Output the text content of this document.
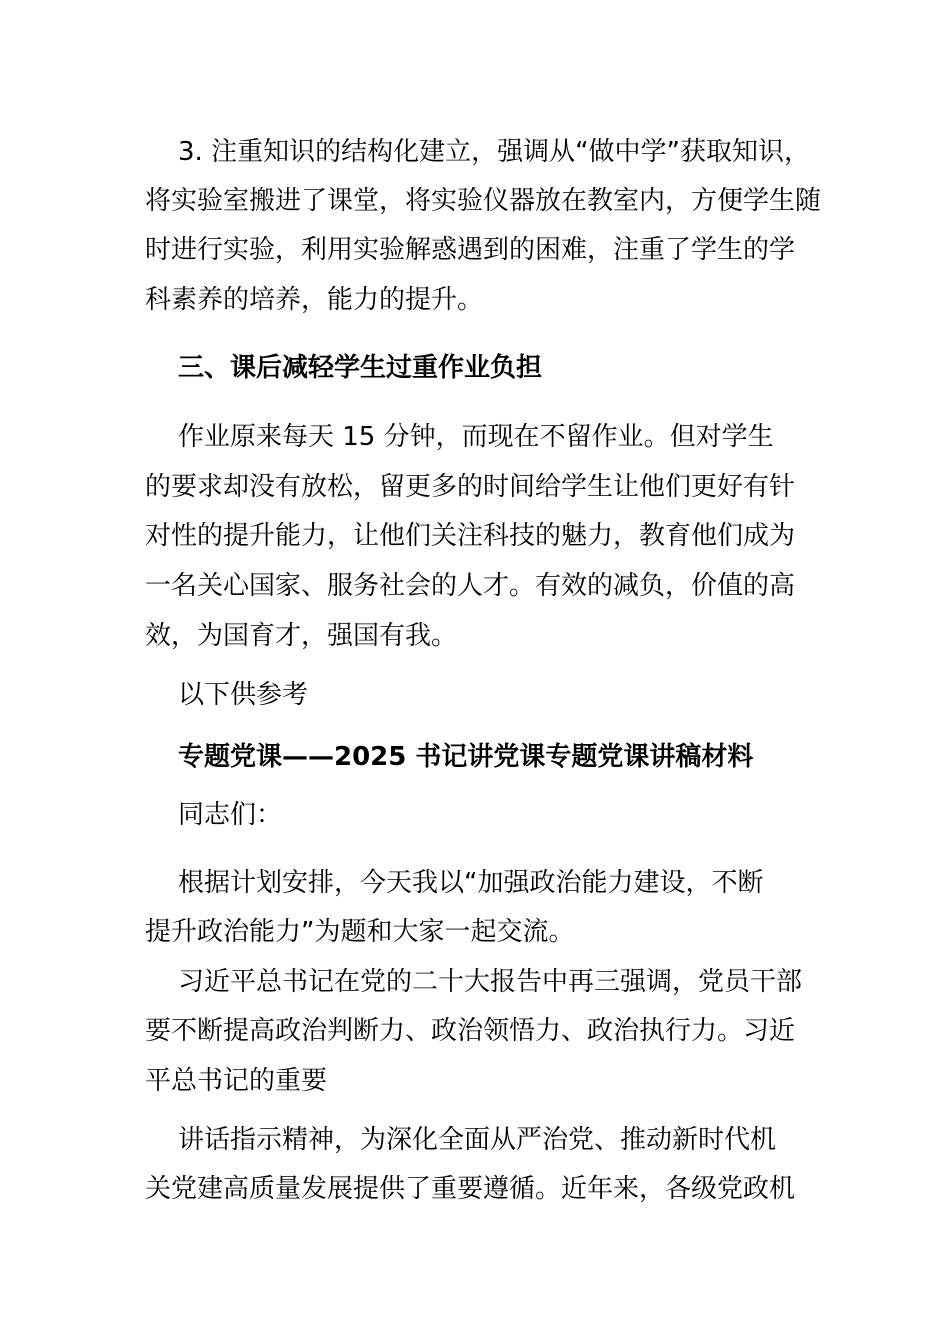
3. 注重知识的结构化建立，强调从“做中学”获取知识，
将实验室搬进了课堂，将实验仪器放在教室内，方便学生随
时进行实验，利用实验解惑遇到的困难，注重了学生的学
科素养的培养，能力的提升。
三、课后减轻学生过重作业负担
作业原来每天 15 分钟，而现在不留作业。但对学生
的要求却没有放松，留更多的时间给学生让他们更好有针
对性的提升能力，让他们关注科技的魅力，教育他们成为
一名关心国家、服务社会的人才。有效的减负，价值的高
效，为国育才，强国有我。
以下供参考
专题党课——2025 书记讲党课专题党课讲稿材料
同志们：
根据计划安排，今天我以“加强政治能力建设，不断
提升政治能力”为题和大家一起交流。
习近平总书记在党的二十大报告中再三强调，党员干部
要不断提高政治判断力、政治领悟力、政治执行力。习近
平总书记的重要
讲话指示精神，为深化全面从严治党、推动新时代机
关党建高质量发展提供了重要遵循。近年来，各级党政机
